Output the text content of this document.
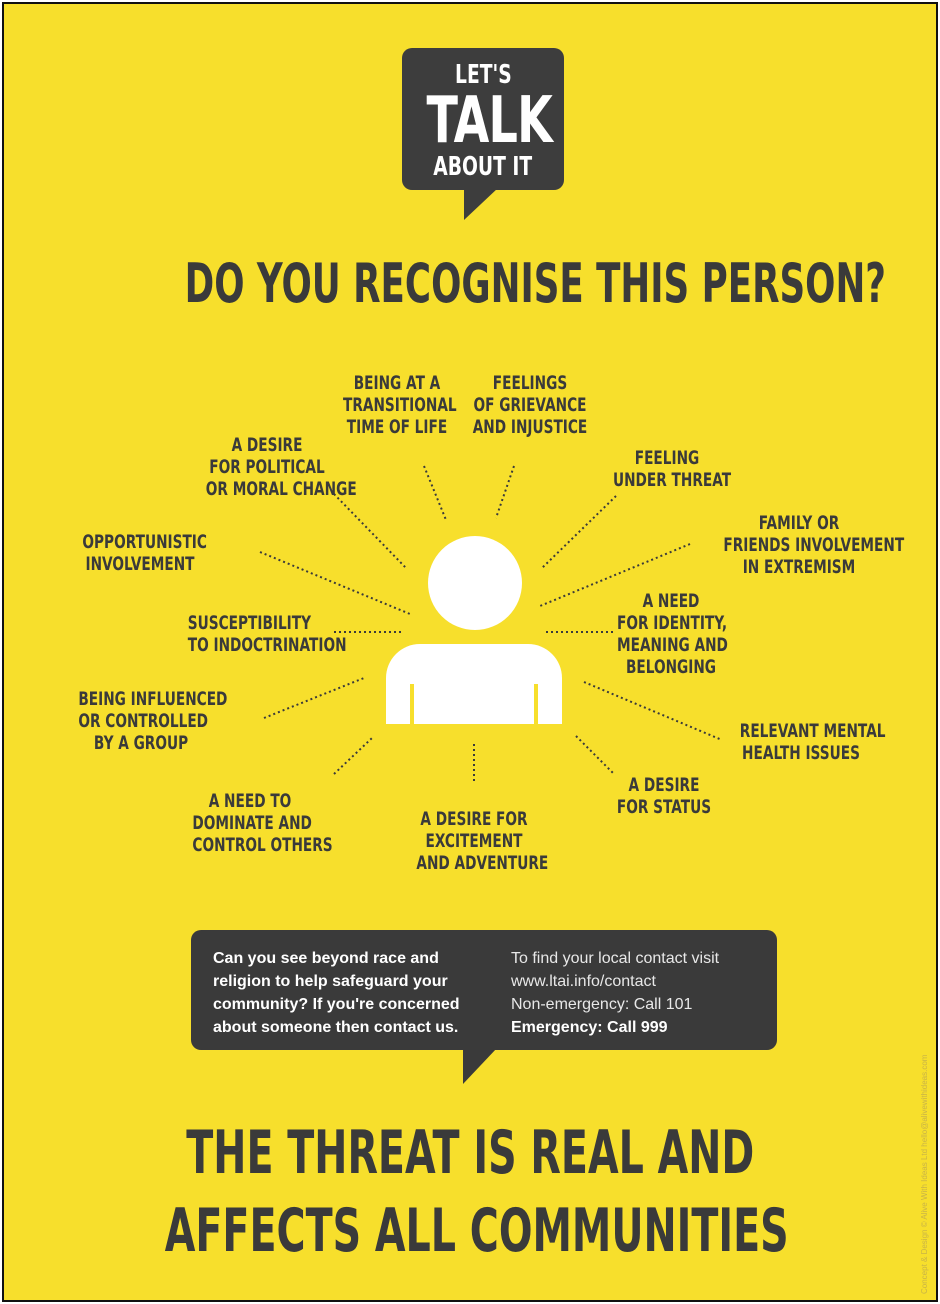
LET'S
TALK
ABOUT IT
DO YOU RECOGNISE THIS PERSON?
BEING AT A
TRANSITIONAL
TIME OF LIFE
FEELINGS
OF GRIEVANCE
AND INJUSTICE
A DESIRE
FOR POLITICAL
OR MORAL CHANGE
FEELING
UNDER THREAT
OPPORTUNISTIC
INVOLVEMENT
FAMILY OR
FRIENDS INVOLVEMENT
IN EXTREMISM
SUSCEPTIBILITY
TO INDOCTRINATION
A NEED
FOR IDENTITY,
MEANING AND
BELONGING
BEING INFLUENCED
OR CONTROLLED
BY A GROUP
RELEVANT MENTAL
HEALTH ISSUES
A NEED TO
DOMINATE AND
CONTROL OTHERS
A DESIRE FOR
EXCITEMENT
AND ADVENTURE
A DESIRE
FOR STATUS
Can you see beyond race and
religion to help safeguard your
community? If you're concerned
about someone then contact us.
To find your local contact visit
www.ltai.info/contact
Non-emergency: Call 101
Emergency: Call 999
THE THREAT IS REAL AND
AFFECTS ALL COMMUNITIES	Concept & Design © Alive With Ideas Ltd hello@alivewithideas.com
